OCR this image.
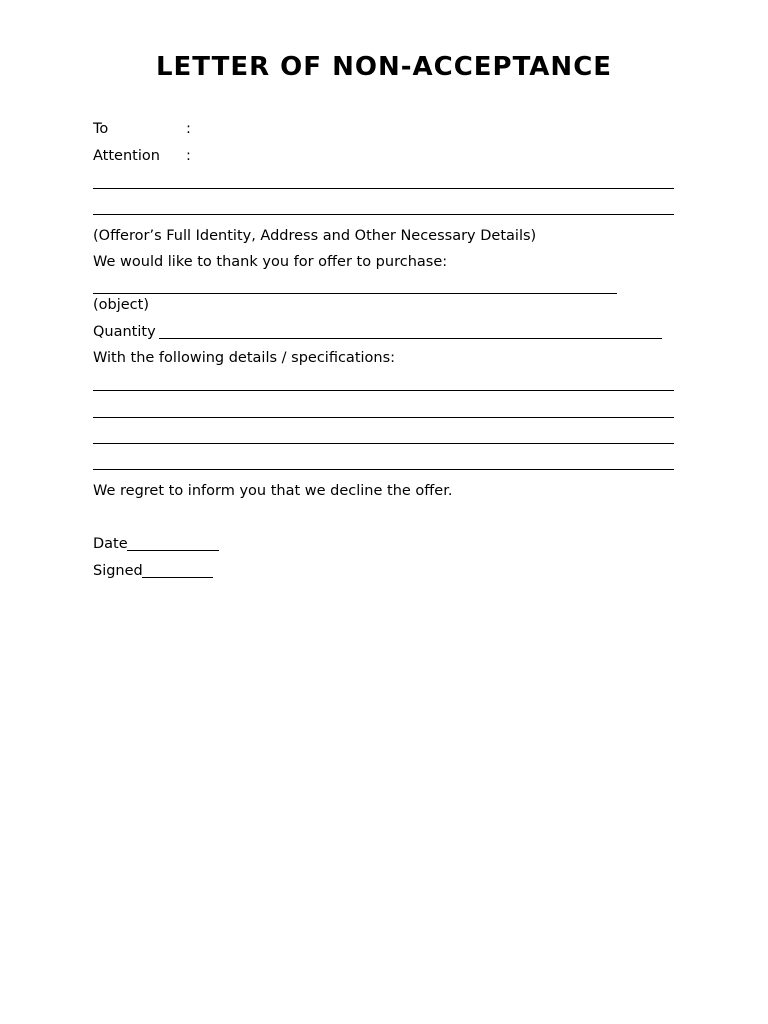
LETTER OF NON-ACCEPTANCE
To	:
Attention :
(Offeror’s Full Identity, Address and Other Necessary Details)
We would like to thank you for offer to purchase:
(object)
Quantity
With the following details / specifications:
We regret to inform you that we decline the offer.
Date
Signed
